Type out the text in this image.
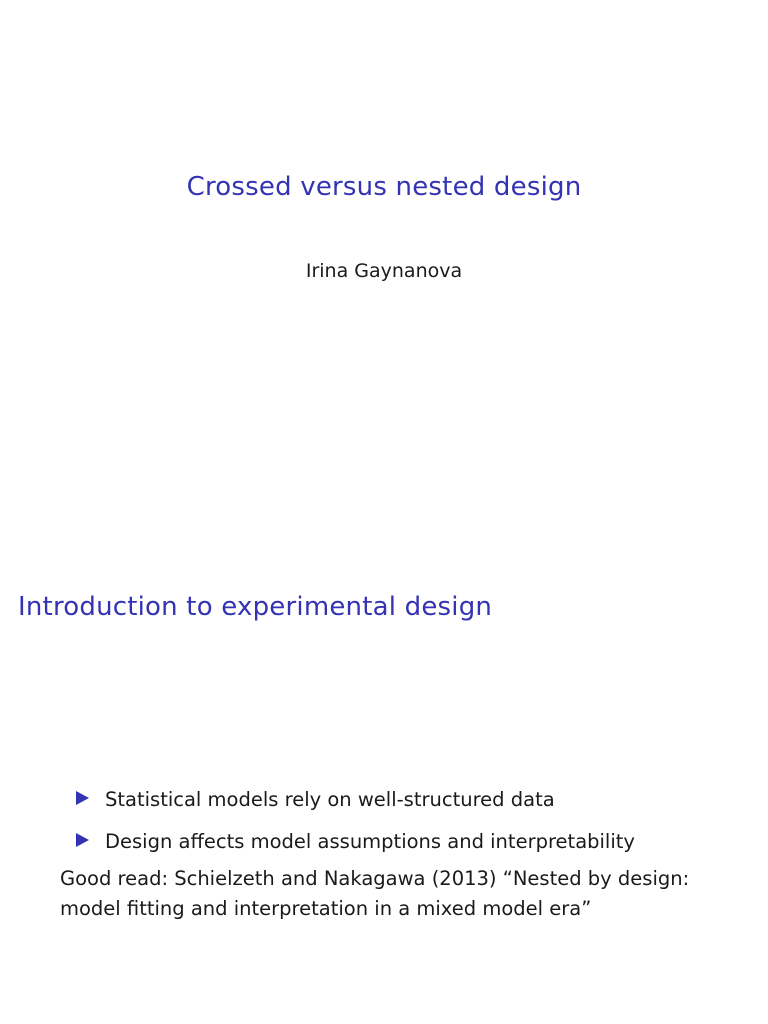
Crossed versus nested design
Irina Gaynanova
Introduction to experimental design
Statistical models rely on well-structured data
Design affects model assumptions and interpretability
Good read: Schielzeth and Nakagawa (2013) “Nested by design:
model fitting and interpretation in a mixed model era”
